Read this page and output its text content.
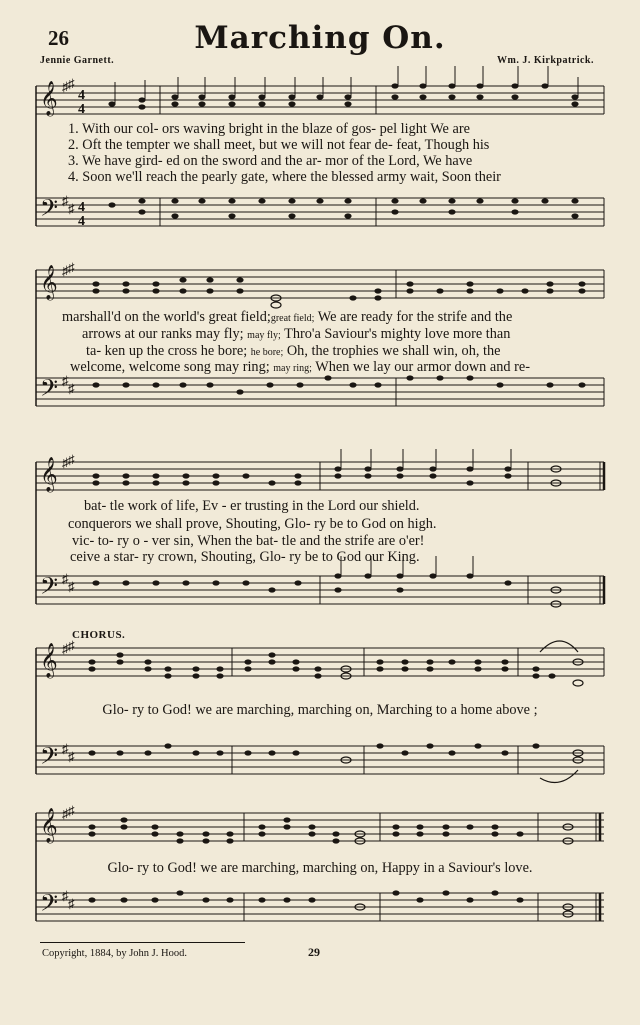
26	Marching On.
Jennie Garnett.	Wm. J. Kirkpatrick.
𝄞 ♯ ♯
4
4
𝄢 ♯
♯ 4
4
1. With our col- ors waving bright in the blaze of gos- pel light We are
2. Oft the tempter we shall meet, but we will not fear de- feat, Though his
3. We have gird- ed on the sword and the ar- mor of the Lord, We have
4. Soon we'll reach the pearly gate, where the blessed army wait, Soon their
𝄞 ♯ ♯
𝄢 ♯
♯
marshall'd on the world's great field;great field; We are ready for the strife and the
arrows at our ranks may fly; may fly; Thro'a Saviour's mighty love more than
ta- ken up the cross he bore; he bore; Oh, the trophies we shall win, oh, the
welcome, welcome song may ring; may ring; When we lay our armor down and re-
𝄞 ♯ ♯
𝄢 ♯
♯
bat- tle work of life, Ev - er trusting in the Lord our shield.
conquerors we shall prove, Shouting, Glo- ry be to God on high.
vic- to- ry o - ver sin, When the bat- tle and the strife are o'er!
ceive a star- ry crown, Shouting, Glo- ry be to God our King.
CHORUS.
𝄞 ♯ ♯
𝄢 ♯
♯
Glo- ry to God! we are marching, marching on, Marching to a home above ;
𝄞 ♯ ♯
𝄢 ♯
♯
Glo- ry to God! we are marching, marching on, Happy in a Saviour's love.
Copyright, 1884, by John J. Hood.	29
